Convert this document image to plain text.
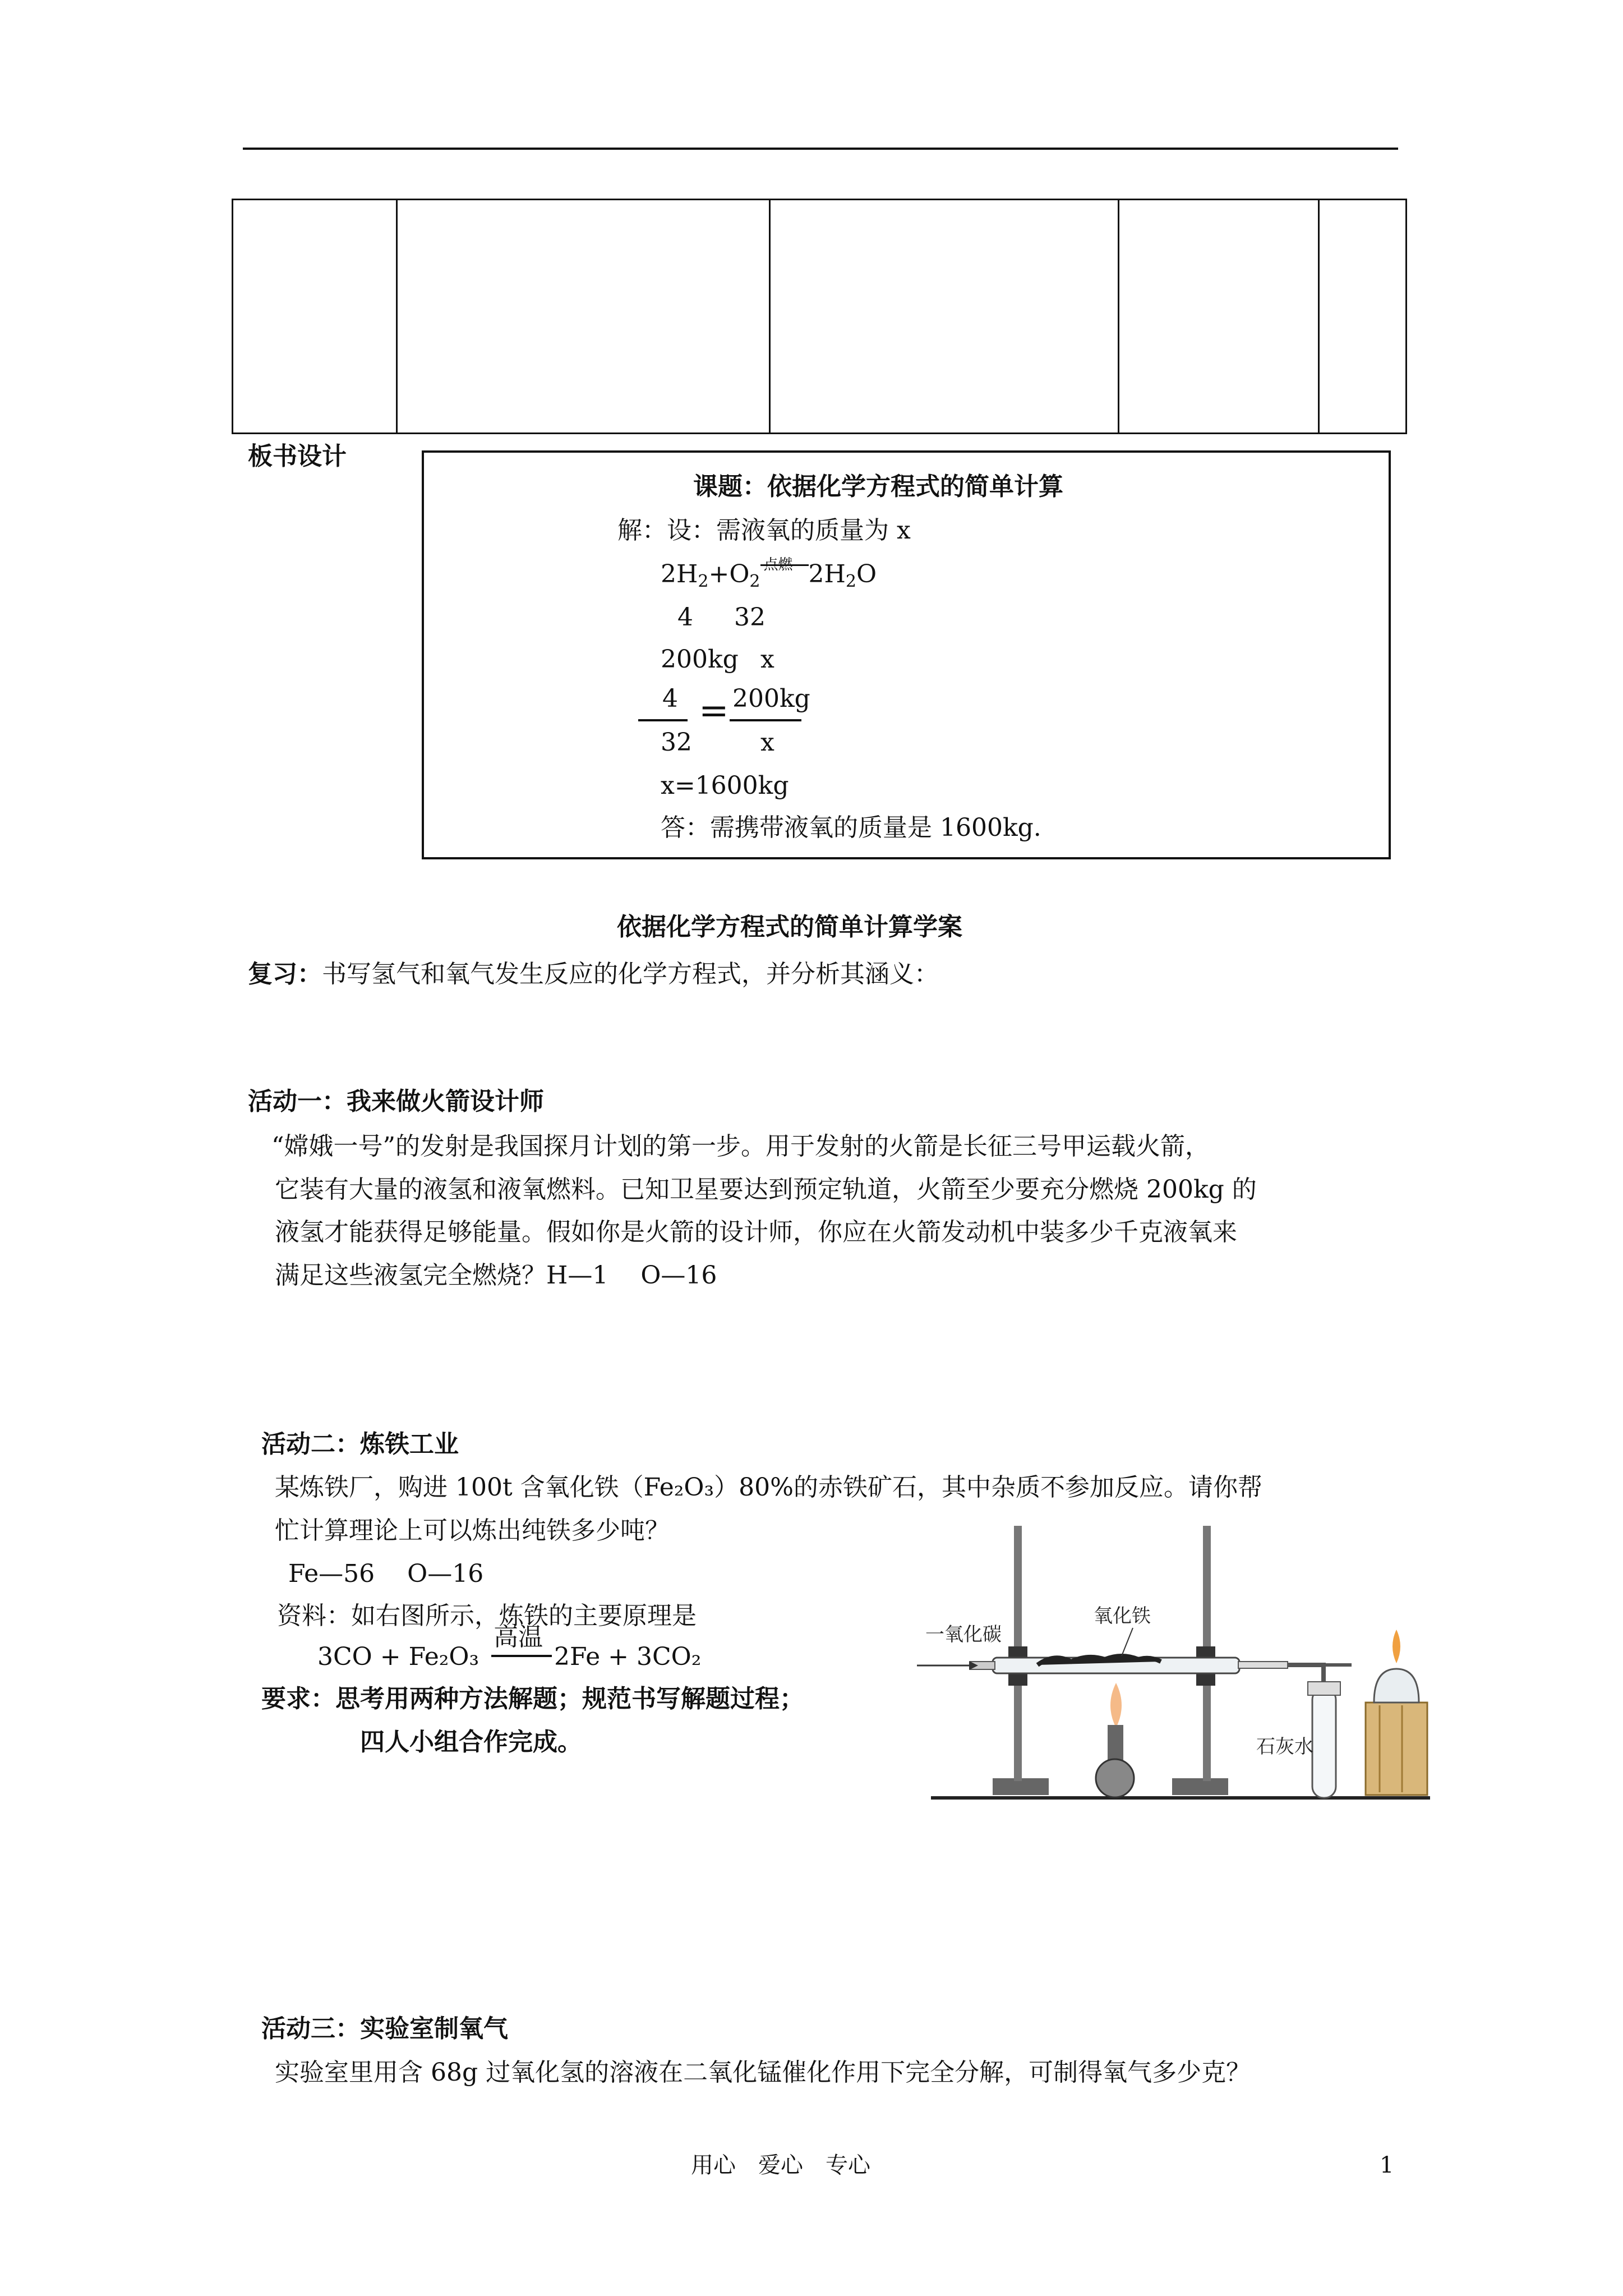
板书设计
课题：依据化学方程式的简单计算
解：设：需液氧的质量为 x
$2H_2+O_2$
点燃 $2H_2O$
4 32
200kg x
4
32
= 200kg
x
x=1600kg
答：需携带液氧的质量是 1600kg.
依据化学方程式的简单计算学案
复习：书写氢气和氧气发生反应的化学方程式，并分析其涵义：
活动一：我来做火箭设计师
“嫦娥一号”的发射是我国探月计划的第一步。用于发射的火箭是长征三号甲运载火箭，
它装有大量的液氢和液氧燃料。已知卫星要达到预定轨道，火箭至少要充分燃烧 200kg 的
液氢才能获得足够能量。假如你是火箭的设计师，你应在火箭发动机中装多少千克液氧来
满足这些液氢完全燃烧？H—1　 O—16
活动二：炼铁工业
某炼铁厂，购进 100t 含氧化铁（Fe₂O₃）80%的赤铁矿石，其中杂质不参加反应。请你帮
忙计算理论上可以炼出纯铁多少吨？
Fe—56　 O—16
资料：如右图所示，炼铁的主要原理是
3CO + Fe₂O₃
高温
2Fe + 3CO₂
要求：思考用两种方法解题；规范书写解题过程；
四人小组合作完成。
一氧化碳
氧化铁
石灰水
活动三：实验室制氧气
实验室里用含 68g 过氧化氢的溶液在二氧化锰催化作用下完全分解，可制得氧气多少克？
用心　爱心　专心	1
